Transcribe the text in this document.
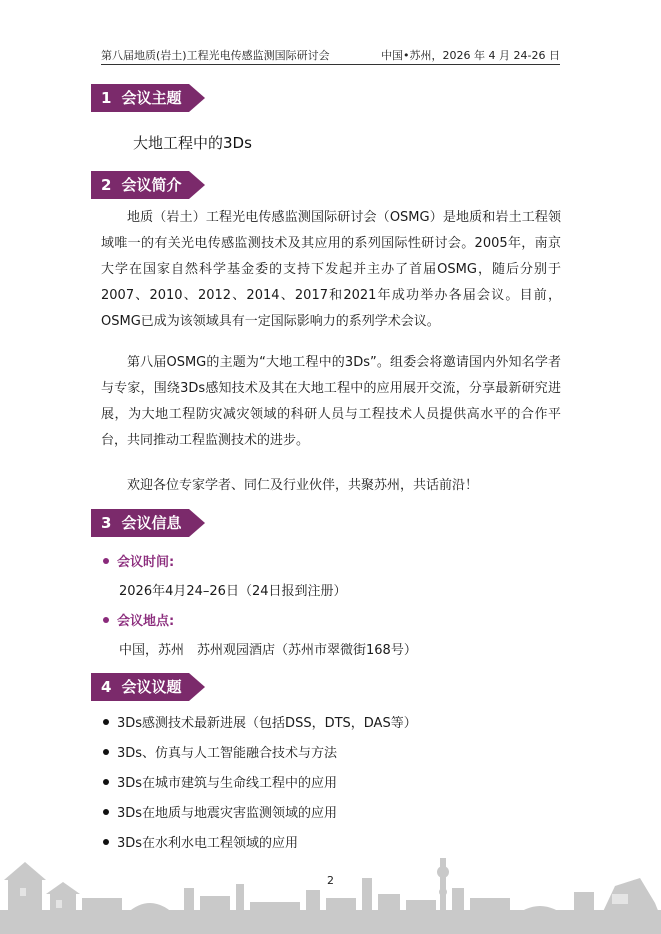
第八届地质(岩土)工程光电传感监测国际研讨会	中国•苏州，2026 年 4 月 24-26 日
1 会议主题
大地工程中的3Ds
2 会议简介

地质（岩土）工程光电传感监测国际研讨会（OSMG）是地质和岩土工程领域唯一的有关光电传感监测技术及其应用的系列国际性研讨会。2005年，南京大学在国家自然科学基金委的支持下发起并主办了首届OSMG，随后分别于2007、2010、2012、2014、2017和2021年成功举办各届会议。目前，OSMG已成为该领域具有一定国际影响力的系列学术会议。

第八届OSMG的主题为“大地工程中的3Ds”。组委会将邀请国内外知名学者与专家，围绕3Ds感知技术及其在大地工程中的应用展开交流，分享最新研究进展，为大地工程防灾减灾领域的科研人员与工程技术人员提供高水平的合作平台，共同推动工程监测技术的进步。

欢迎各位专家学者、同仁及行业伙伴，共聚苏州，共话前沿！

3 会议信息
会议时间:
2026年4月24–26日（24日报到注册）
会议地点:
中国，苏州　苏州观园酒店（苏州市翠微街168号）
4 会议议题
3Ds感测技术最新进展（包括DSS，DTS，DAS等）
3Ds、仿真与人工智能融合技术与方法
3Ds在城市建筑与生命线工程中的应用
3Ds在地质与地震灾害监测领域的应用
3Ds在水利水电工程领域的应用
2
